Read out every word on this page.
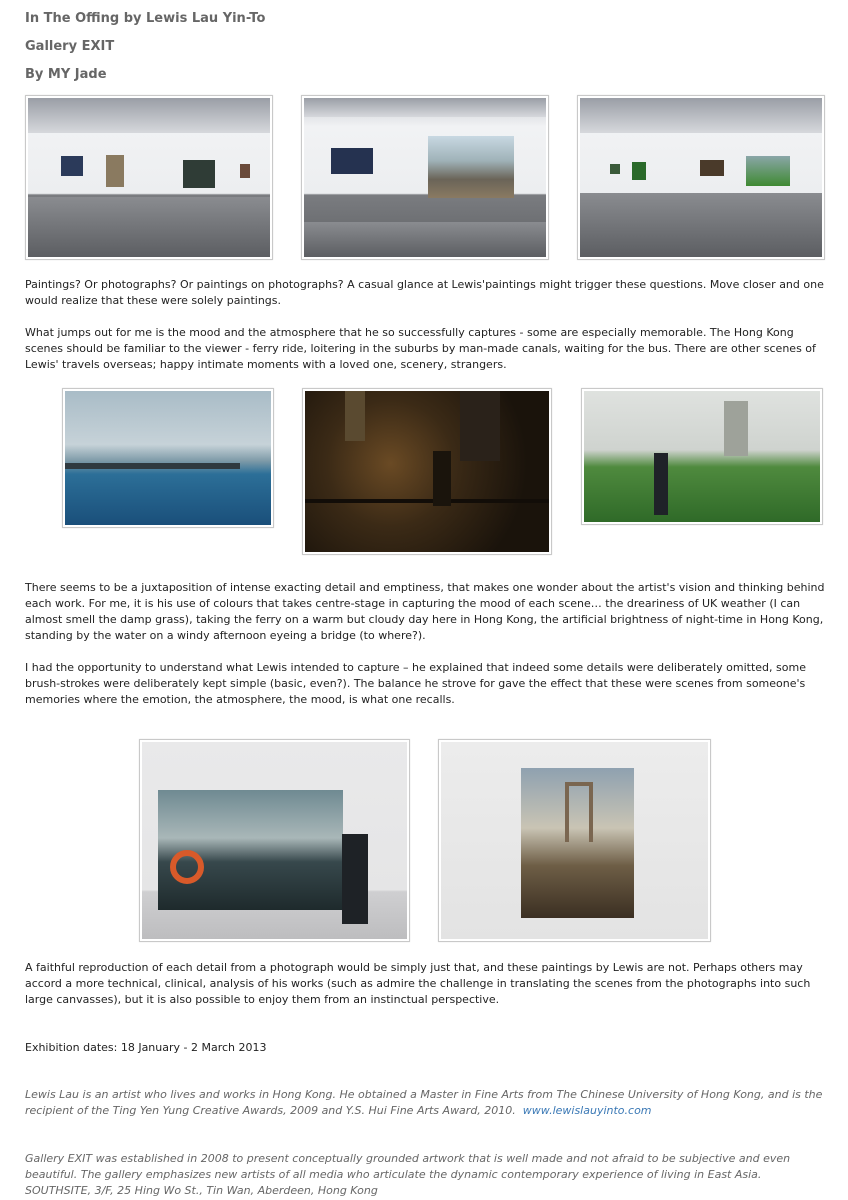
In The Offing by Lewis Lau Yin-To
Gallery EXIT
By MY Jade
Paintings? Or photographs? Or paintings on photographs? A casual glance at Lewis'paintings might trigger these questions. Move closer and one would realize that these were solely paintings.
What jumps out for me is the mood and the atmosphere that he so successfully captures - some are especially memorable. The Hong Kong scenes should be familiar to the viewer - ferry ride, loitering in the suburbs by man-made canals, waiting for the bus. There are other scenes of Lewis' travels overseas; happy intimate moments with a loved one, scenery, strangers.
There seems to be a juxtaposition of intense exacting detail and emptiness, that makes one wonder about the artist's vision and thinking behind each work. For me, it is his use of colours that takes centre-stage in capturing the mood of each scene… the dreariness of UK weather (I can almost smell the damp grass), taking the ferry on a warm but cloudy day here in Hong Kong, the artificial brightness of night-time in Hong Kong, standing by the water on a windy afternoon eyeing a bridge (to where?).
I had the opportunity to understand what Lewis intended to capture – he explained that indeed some details were deliberately omitted, some brush-strokes were deliberately kept simple (basic, even?). The balance he strove for gave the effect that these were scenes from someone's memories where the emotion, the atmosphere, the mood, is what one recalls.
A faithful reproduction of each detail from a photograph would be simply just that, and these paintings by Lewis are not. Perhaps others may accord a more technical, clinical, analysis of his works (such as admire the challenge in translating the scenes from the photographs into such large canvasses), but it is also possible to enjoy them from an instinctual perspective.
Exhibition dates: 18 January - 2 March 2013
Lewis Lau is an artist who lives and works in Hong Kong. He obtained a Master in Fine Arts from The Chinese University of Hong Kong, and is the recipient of the Ting Yen Yung Creative Awards, 2009 and Y.S. Hui Fine Arts Award, 2010. www.lewislauyinto.com
Gallery EXIT was established in 2008 to present conceptually grounded artwork that is well made and not afraid to be subjective and even beautiful. The gallery emphasizes new artists of all media who articulate the dynamic contemporary experience of living in East Asia.
SOUTHSITE, 3/F, 25 Hing Wo St., Tin Wan, Aberdeen, Hong Kong
